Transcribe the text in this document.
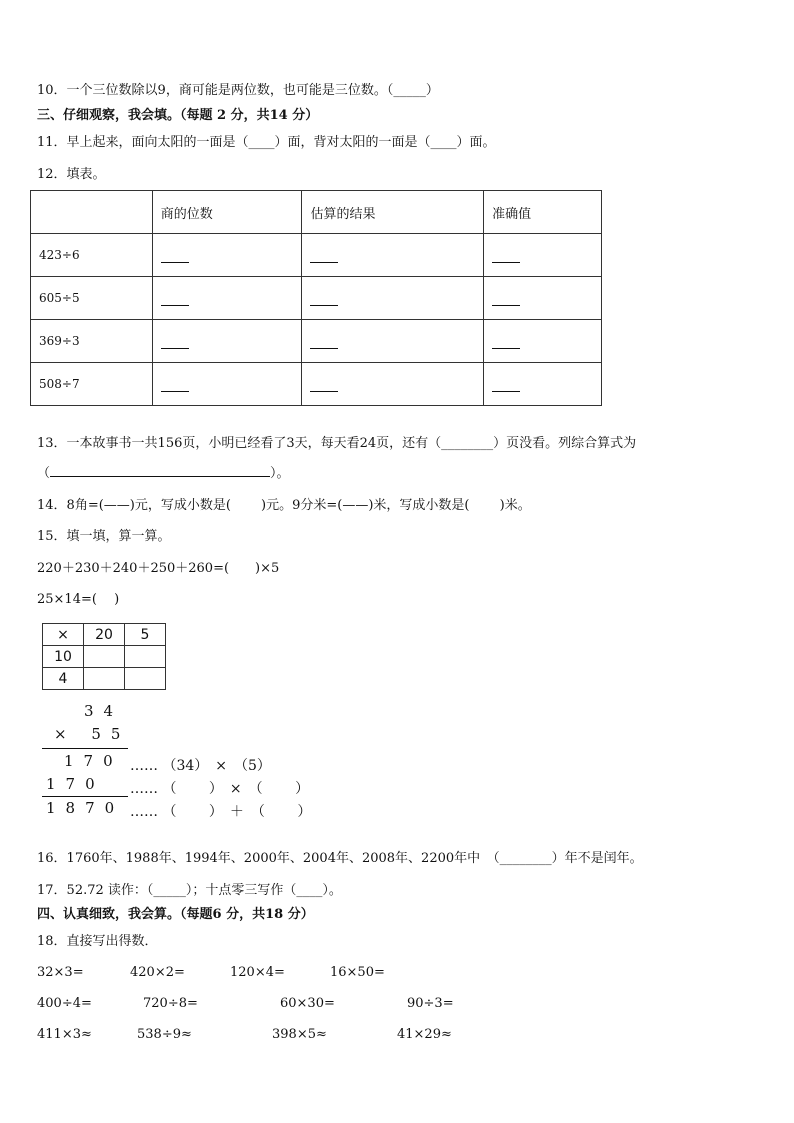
10．一个三位数除以9，商可能是两位数，也可能是三位数。（_____）
三、仔细观察，我会填。（每题 2 分，共14 分）
11．早上起来，面向太阳的一面是（____）面，背对太阳的一面是（____）面。
12．填表。
	商的位数	估算的结果	准确值
423÷6			
605÷5			
369÷3			
508÷7			
13．一本故事书一共156页，小明已经看了3天，每天看24页，还有（________）页没看。列综合算式为
（	）。
14．8角=(——)元，写成小数是(　　 )元。9分米=(——)米，写成小数是(　　 )米。
15．填一填，算一算。
220＋230＋240＋250＋260=(　　)×5
25×14=(　 )
×	20	5
10		
4		
34
× 55
170
170
1870
…… （34）　×　（5）
…… （　　 ）　×　（　　 ）
…… （　　 ）　＋　（　　 ）
16．1760年、1988年、1994年、2000年、2004年、2008年、2200年中　（________）年不是闰年。
17．52.72 读作：（_____）；十点零三写作（____）。
四、认真细致，我会算。（每题6 分，共18 分）
18．直接写出得数．
32×3=	420×2=	120×4=	16×50=
400÷4=	720÷8=	60×30=	90÷3=
411×3≈	538÷9≈	398×5≈	41×29≈
